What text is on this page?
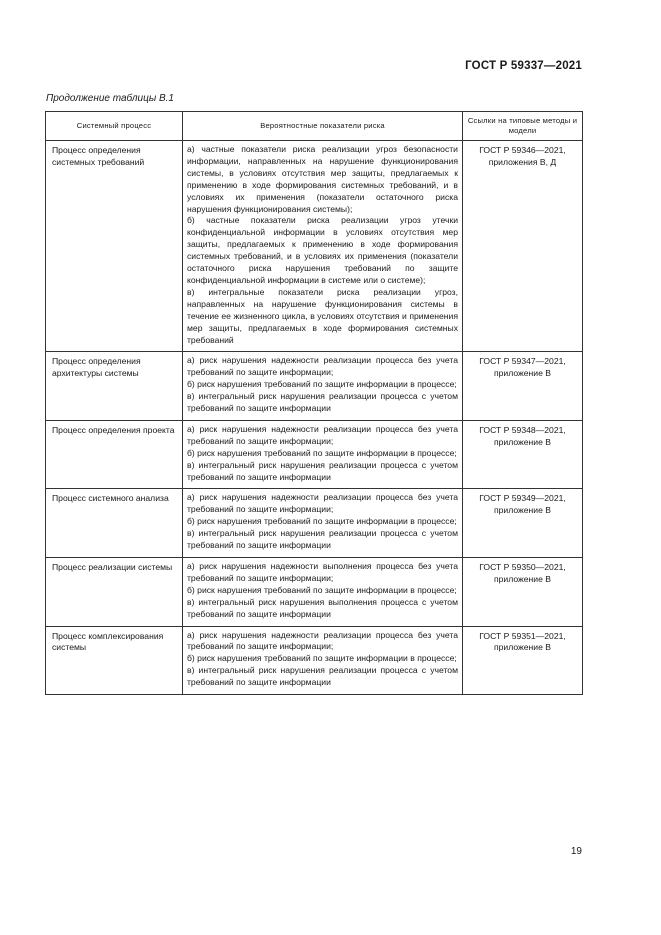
ГОСТ Р 59337—2021
Продолжение таблицы В.1
Системный процесс	Вероятностные показатели риска	Ссылки на типовые методы и модели
Процесс определения системных требований	а) частные показатели риска реализации угроз безопасности информации, направленных на нарушение функционирования системы, в условиях отсутствия мер защиты, предлагаемых к применению в ходе формирования системных требований, и в условиях их применения (показатели остаточного риска нарушения функционирования системы);
б) частные показатели риска реализации угроз утечки конфиденциальной информации в условиях отсутствия мер защиты, предлагаемых к применению в ходе формирования системных требований, и в условиях их применения (показатели остаточного риска нарушения требований по защите конфиденциальной информации в системе или о системе);
в) интегральные показатели риска реализации угроз, направленных на нарушение функционирования системы в течение ее жизненного цикла, в условиях отсутствия и применения мер защиты, предлагаемых в ходе формирования системных требований	ГОСТ Р 59346—2021, приложения В, Д
Процесс определения архитектуры системы	а) риск нарушения надежности реализации процесса без учета требований по защите информации;
б) риск нарушения требований по защите информации в процессе;
в) интегральный риск нарушения реализации процесса с учетом требований по защите информации	ГОСТ Р 59347—2021, приложение В
Процесс определения проекта	а) риск нарушения надежности реализации процесса без учета требований по защите информации;
б) риск нарушения требований по защите информации в процессе;
в) интегральный риск нарушения реализации процесса с учетом требований по защите информации	ГОСТ Р 59348—2021, приложение В
Процесс системного анализа	а) риск нарушения надежности реализации процесса без учета требований по защите информации;
б) риск нарушения требований по защите информации в процессе;
в) интегральный риск нарушения реализации процесса с учетом требований по защите информации	ГОСТ Р 59349—2021, приложение В
Процесс реализации системы	а) риск нарушения надежности выполнения процесса без учета требований по защите информации;
б) риск нарушения требований по защите информации в процессе;
в) интегральный риск нарушения выполнения процесса с учетом требований по защите информации	ГОСТ Р 59350—2021, приложение В
Процесс комплексирования системы	а) риск нарушения надежности реализации процесса без учета требований по защите информации;
б) риск нарушения требований по защите информации в процессе;
в) интегральный риск нарушения реализации процесса с учетом требований по защите информации	ГОСТ Р 59351—2021, приложение В
19
